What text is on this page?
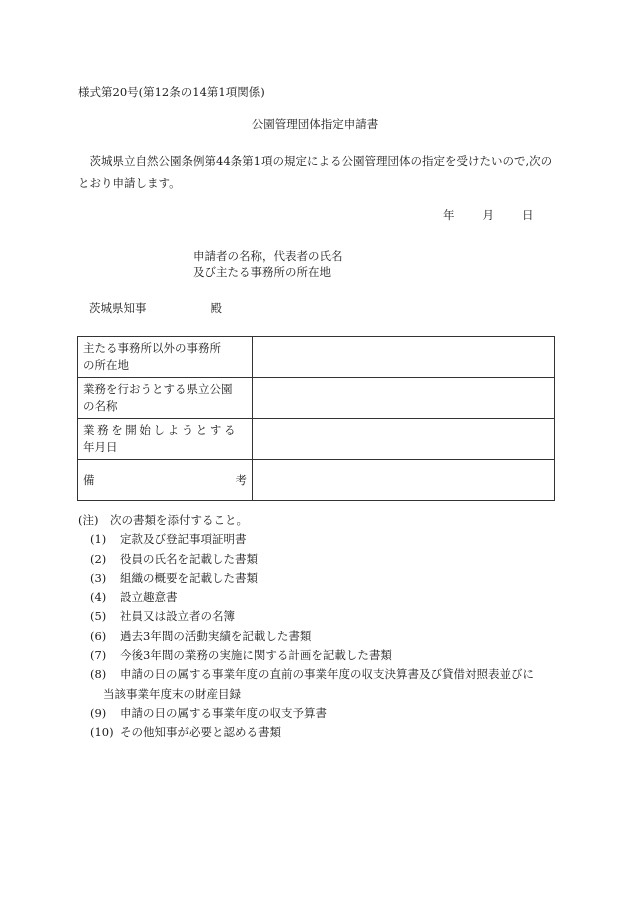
様式第20号(第12条の14第1項関係)
公園管理団体指定申請書
　茨城県立自然公園条例第44条第1項の規定による公園管理団体の指定を受けたいので,次のとおり申請します。
年 月 日
申請者の名称，代表者の氏名
及び主たる事務所の所在地
茨城県知事	殿
主たる事務所以外の事務所
の所在地	

業務を行おうとする県立公園
の名称	

業務を開始しようとする
年月日	

備 考	

(注)　次の書類を添付すること。
(1) 定款及び登記事項証明書
(2) 役員の氏名を記載した書類
(3) 組織の概要を記載した書類
(4) 設立趣意書
(5) 社員又は設立者の名簿
(6) 過去3年間の活動実績を記載した書類
(7) 今後3年間の業務の実施に関する計画を記載した書類
(8) 申請の日の属する事業年度の直前の事業年度の収支決算書及び貸借対照表並びに
当該事業年度末の財産目録
(9) 申請の日の属する事業年度の収支予算書
(10) その他知事が必要と認める書類
